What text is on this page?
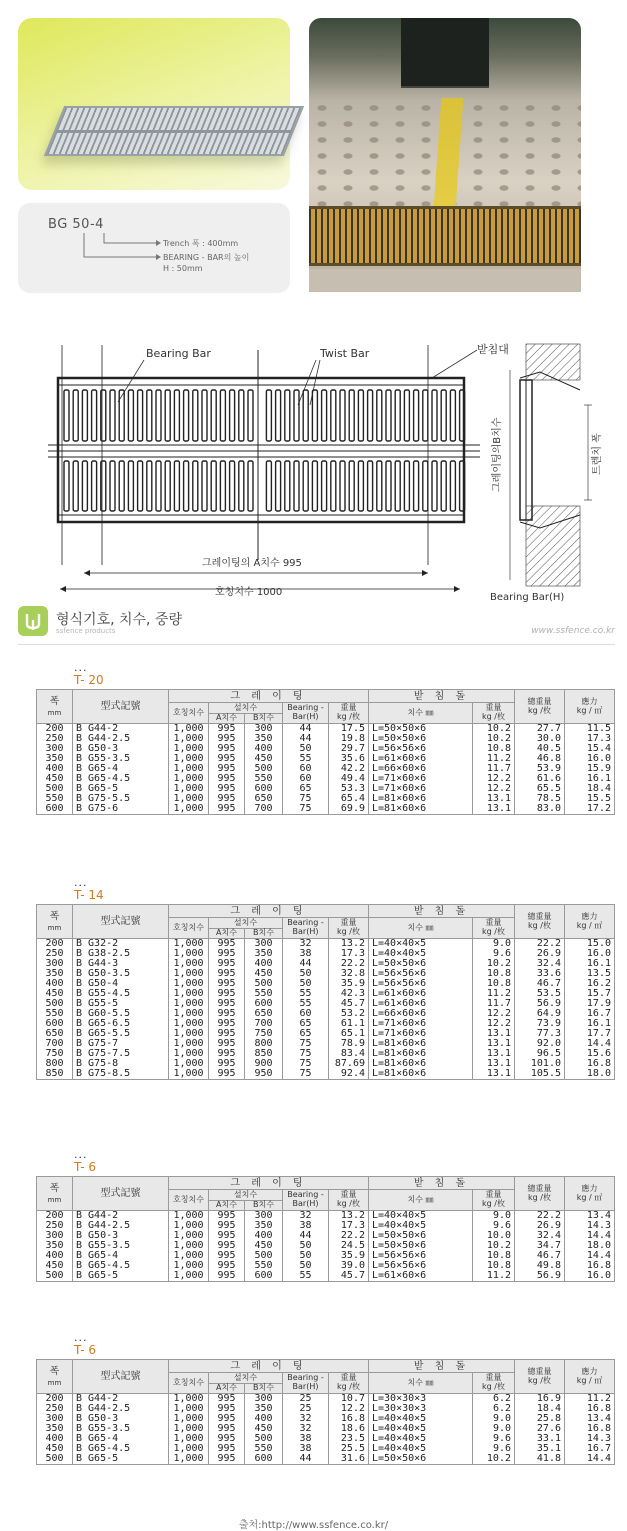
BG 50-4
Trench 폭 : 400mm
BEARING - BAR의 높이
H : 50mm
Bearing Bar	Twist Bar	받침대
그레이팅의B치수	트렌치 폭
그레이팅의 A치수 995
호칭치수 1000	Bearing Bar(H)
형식기호, 치수, 중량
ssfence products	www.ssfence.co.kr
...
T- 20
폭
mm	型式記號	그 레 이 팅					받 침 돌		總重量
kg /枚	應力
kg / ㎡
		호칭치수	설치수		Bearing -
Bar(H)	重量
kg /枚	치수 ㎜	重量
kg /枚		
			A치수	B치수						
200	B G44-2	1,000	995	300	44	17.5	L=50×50×6	10.2	27.7	11.5
250	B G44-2.5	1,000	995	350	44	19.8	L=50×50×6	10.2	30.0	17.3
300	B G50-3	1,000	995	400	50	29.7	L=56×56×6	10.8	40.5	15.4
350	B G55-3.5	1,000	995	450	55	35.6	L=61×60×6	11.2	46.8	16.0
400	B G65-4	1,000	995	500	60	42.2	L=66×60×6	11.7	53.9	15.9
450	B G65-4.5	1,000	995	550	60	49.4	L=71×60×6	12.2	61.6	16.1
500	B G65-5	1,000	995	600	65	53.3	L=71×60×6	12.2	65.5	18.4
550	B G75-5.5	1,000	995	650	75	65.4	L=81×60×6	13.1	78.5	15.5
600	B G75-6	1,000	995	700	75	69.9	L=81×60×6	13.1	83.0	17.2
...
T- 14
폭
mm	型式記號	그 레 이 팅					받 침 돌		總重量
kg /枚	應力
kg / ㎡
		호칭치수	설치수		Bearing -
Bar(H)	重量
kg /枚	치수 ㎜	重量
kg /枚		
			A치수	B치수						
200	B G32-2	1,000	995	300	32	13.2	L=40×40×5	9.0	22.2	15.0
250	B G38-2.5	1,000	995	350	38	17.3	L=40×40×5	9.6	26.9	16.0
300	B G44-3	1,000	995	400	44	22.2	L=50×50×6	10.2	32.4	16.1
350	B G50-3.5	1,000	995	450	50	32.8	L=56×56×6	10.8	33.6	13.5
400	B G50-4	1,000	995	500	50	35.9	L=56×56×6	10.8	46.7	16.2
450	B G55-4.5	1,000	995	550	55	42.3	L=61×60×6	11.2	53.5	15.7
500	B G55-5	1,000	995	600	55	45.7	L=61×60×6	11.7	56.9	17.9
550	B G60-5.5	1,000	995	650	60	53.2	L=66×60×6	12.2	64.9	16.7
600	B G65-6.5	1,000	995	700	65	61.1	L=71×60×6	12.2	73.9	16.1
650	B G65-5.5	1,000	995	750	65	65.1	L=71×60×6	13.1	77.3	17.7
700	B G75-7	1,000	995	800	75	78.9	L=81×60×6	13.1	92.0	14.4
750	B G75-7.5	1,000	995	850	75	83.4	L=81×60×6	13.1	96.5	15.6
800	B G75-8	1,000	995	900	75	87.69	L=81×60×6	13.1	101.0	16.8
850	B G75-8.5	1,000	995	950	75	92.4	L=81×60×6	13.1	105.5	18.0
...
T- 6
폭
mm	型式記號	그 레 이 팅					받 침 돌		總重量
kg /枚	應力
kg / ㎡
		호칭치수	설치수		Bearing -
Bar(H)	重量
kg /枚	치수 ㎜	重量
kg /枚		
			A치수	B치수						
200	B G44-2	1,000	995	300	32	13.2	L=40×40×5	9.0	22.2	13.4
250	B G44-2.5	1,000	995	350	38	17.3	L=40×40×5	9.6	26.9	14.3
300	B G50-3	1,000	995	400	44	22.2	L=50×50×6	10.0	32.4	14.4
350	B G55-3.5	1,000	995	450	50	24.5	L=50×50×6	10.2	34.7	18.0
400	B G65-4	1,000	995	500	50	35.9	L=56×56×6	10.8	46.7	14.4
450	B G65-4.5	1,000	995	550	50	39.0	L=56×56×6	10.8	49.8	16.8
500	B G65-5	1,000	995	600	55	45.7	L=61×60×6	11.2	56.9	16.0
...
T- 6
폭
mm	型式記號	그 레 이 팅					받 침 돌		總重量
kg /枚	應力
kg / ㎡
		호칭치수	설치수		Bearing -
Bar(H)	重量
kg /枚	치수 ㎜	重量
kg /枚		
			A치수	B치수						
200	B G44-2	1,000	995	300	25	10.7	L=30×30×3	6.2	16.9	11.2
250	B G44-2.5	1,000	995	350	25	12.2	L=30×30×3	6.2	18.4	16.8
300	B G50-3	1,000	995	400	32	16.8	L=40×40×5	9.0	25.8	13.4
350	B G55-3.5	1,000	995	450	32	18.6	L=40×40×5	9.0	27.6	16.8
400	B G65-4	1,000	995	500	38	23.5	L=40×40×5	9.6	33.1	14.3
450	B G65-4.5	1,000	995	550	38	25.5	L=40×40×5	9.6	35.1	16.7
500	B G65-5	1,000	995	600	44	31.6	L=50×50×6	10.2	41.8	14.4
출처:http://www.ssfence.co.kr/
